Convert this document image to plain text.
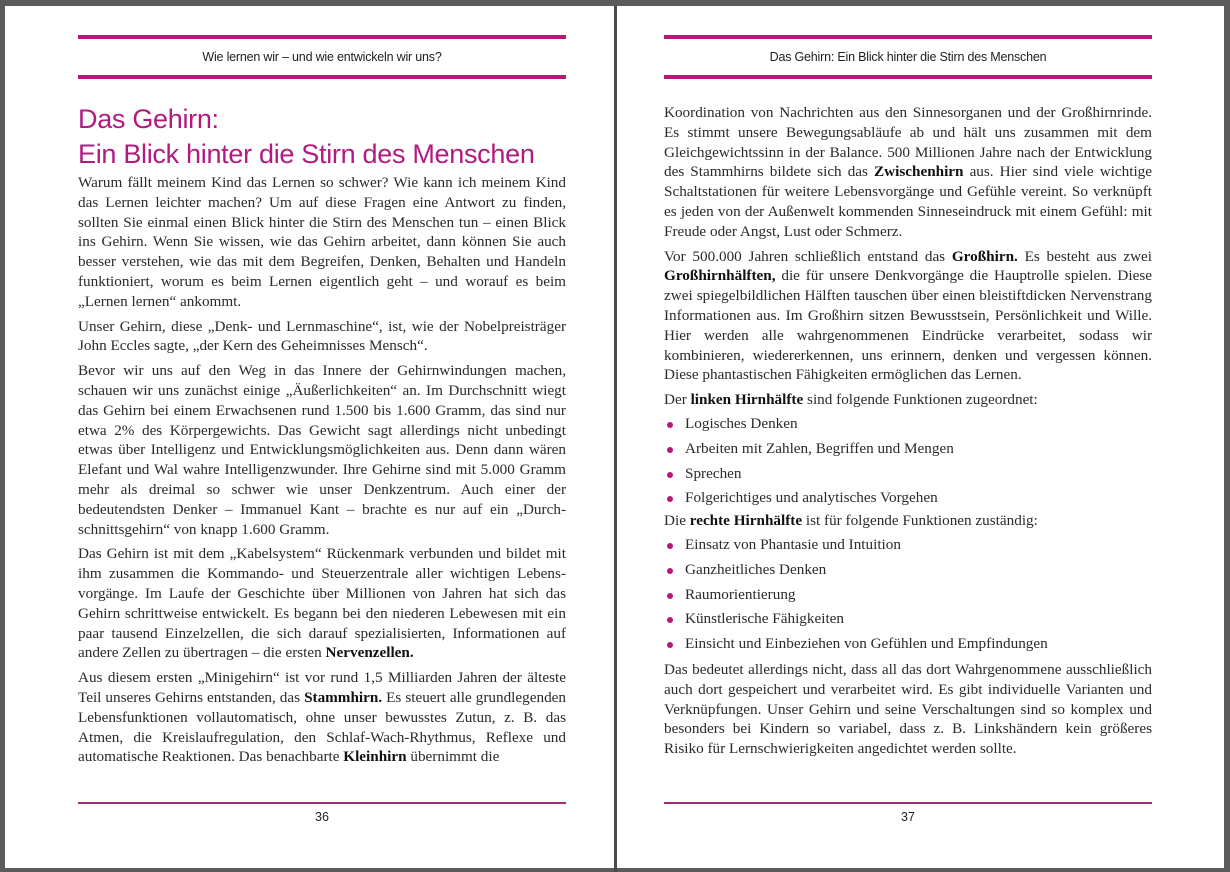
Wie lernen wir – und wie entwickeln wir uns?
Das Gehirn:
Ein Blick hinter die Stirn des Menschen

Warum fällt meinem Kind das Lernen so schwer? Wie kann ich meinem Kind das Lernen leichter machen? Um auf diese Fragen eine Antwort zu finden, sollten Sie einmal einen Blick hinter die Stirn des Menschen tun – einen Blick ins Gehirn. Wenn Sie wissen, wie das Gehirn arbeitet, dann können Sie auch besser verstehen, wie das mit dem Begreifen, Denken, Behalten und Handeln funktioniert, worum es beim Lernen eigentlich geht – und worauf es beim „Lernen lernen“ ankommt.

Unser Gehirn, diese „Denk- und Lernmaschine“, ist, wie der Nobelpreisträger John Eccles sagte, „der Kern des Geheimnisses Mensch“.

Bevor wir uns auf den Weg in das Innere der Gehirnwindungen machen, schauen wir uns zunächst einige „Äußerlichkeiten“ an. Im Durchschnitt wiegt das Gehirn bei einem Erwachsenen rund 1.500 bis 1.600 Gramm, das sind nur etwa 2% des Körpergewichts. Das Gewicht sagt allerdings nicht unbedingt etwas über Intelligenz und Entwicklungsmöglichkeiten aus. Denn dann wären Elefant und Wal wahre Intelligenzwunder. Ihre Gehirne sind mit 5.000 Gramm mehr als dreimal so schwer wie unser Denkzentrum. Auch einer der bedeutendsten Denker – Immanuel Kant – brachte es nur auf ein „Durchschnittsgehirn“ von knapp 1.600 Gramm.

Das Gehirn ist mit dem „Kabelsystem“ Rückenmark verbunden und bildet mit ihm zusammen die Kommando- und Steuerzentrale aller wichtigen Lebensvorgänge. Im Laufe der Geschichte über Millionen von Jahren hat sich das Gehirn schrittweise entwickelt. Es begann bei den niederen Lebewesen mit ein paar tausend Einzelzellen, die sich darauf spezialisierten, Informationen auf andere Zellen zu übertragen – die ersten Nervenzellen.

Aus diesem ersten „Minigehirn“ ist vor rund 1,5 Milliarden Jahren der älteste Teil unseres Gehirns entstanden, das Stammhirn. Es steuert alle grundlegenden Lebensfunktionen vollautomatisch, ohne unser bewusstes Zutun, z. B. das Atmen, die Kreislaufregulation, den Schlaf-Wach-Rhythmus, Reflexe und automatische Reaktionen. Das benachbarte Kleinhirn übernimmt die

36
Das Gehirn: Ein Blick hinter die Stirn des Menschen

Koordination von Nachrichten aus den Sinnesorganen und der Großhirnrinde. Es stimmt unsere Bewegungsabläufe ab und hält uns zusammen mit dem Gleichgewichtssinn in der Balance. 500 Millionen Jahre nach der Entwicklung des Stammhirns bildete sich das Zwischenhirn aus. Hier sind viele wichtige Schaltstationen für weitere Lebensvorgänge und Gefühle vereint. So verknüpft es jeden von der Außenwelt kommenden Sinneseindruck mit einem Gefühl: mit Freude oder Angst, Lust oder Schmerz.

Vor 500.000 Jahren schließlich entstand das Großhirn. Es besteht aus zwei Großhirnhälften, die für unsere Denkvorgänge die Hauptrolle spielen. Diese zwei spiegelbildlichen Hälften tauschen über einen bleistiftdicken Nervenstrang Informationen aus. Im Großhirn sitzen Bewusstsein, Persönlichkeit und Wille. Hier werden alle wahrgenommenen Eindrücke verarbeitet, sodass wir kombinieren, wiedererkennen, uns erinnern, denken und vergessen können. Diese phantastischen Fähigkeiten ermöglichen das Lernen.

Der linken Hirnhälfte sind folgende Funktionen zugeordnet:

Logisches Denken
Arbeiten mit Zahlen, Begriffen und Mengen
Sprechen
Folgerichtiges und analytisches Vorgehen

Die rechte Hirnhälfte ist für folgende Funktionen zuständig:

Einsatz von Phantasie und Intuition
Ganzheitliches Denken
Raumorientierung
Künstlerische Fähigkeiten
Einsicht und Einbeziehen von Gefühlen und Empfindungen

Das bedeutet allerdings nicht, dass all das dort Wahrgenommene ausschließlich auch dort gespeichert und verarbeitet wird. Es gibt individuelle Varianten und Verknüpfungen. Unser Gehirn und seine Verschaltungen sind so komplex und besonders bei Kindern so variabel, dass z. B. Linkshändern kein größeres Risiko für Lernschwierigkeiten angedichtet werden sollte.

37
